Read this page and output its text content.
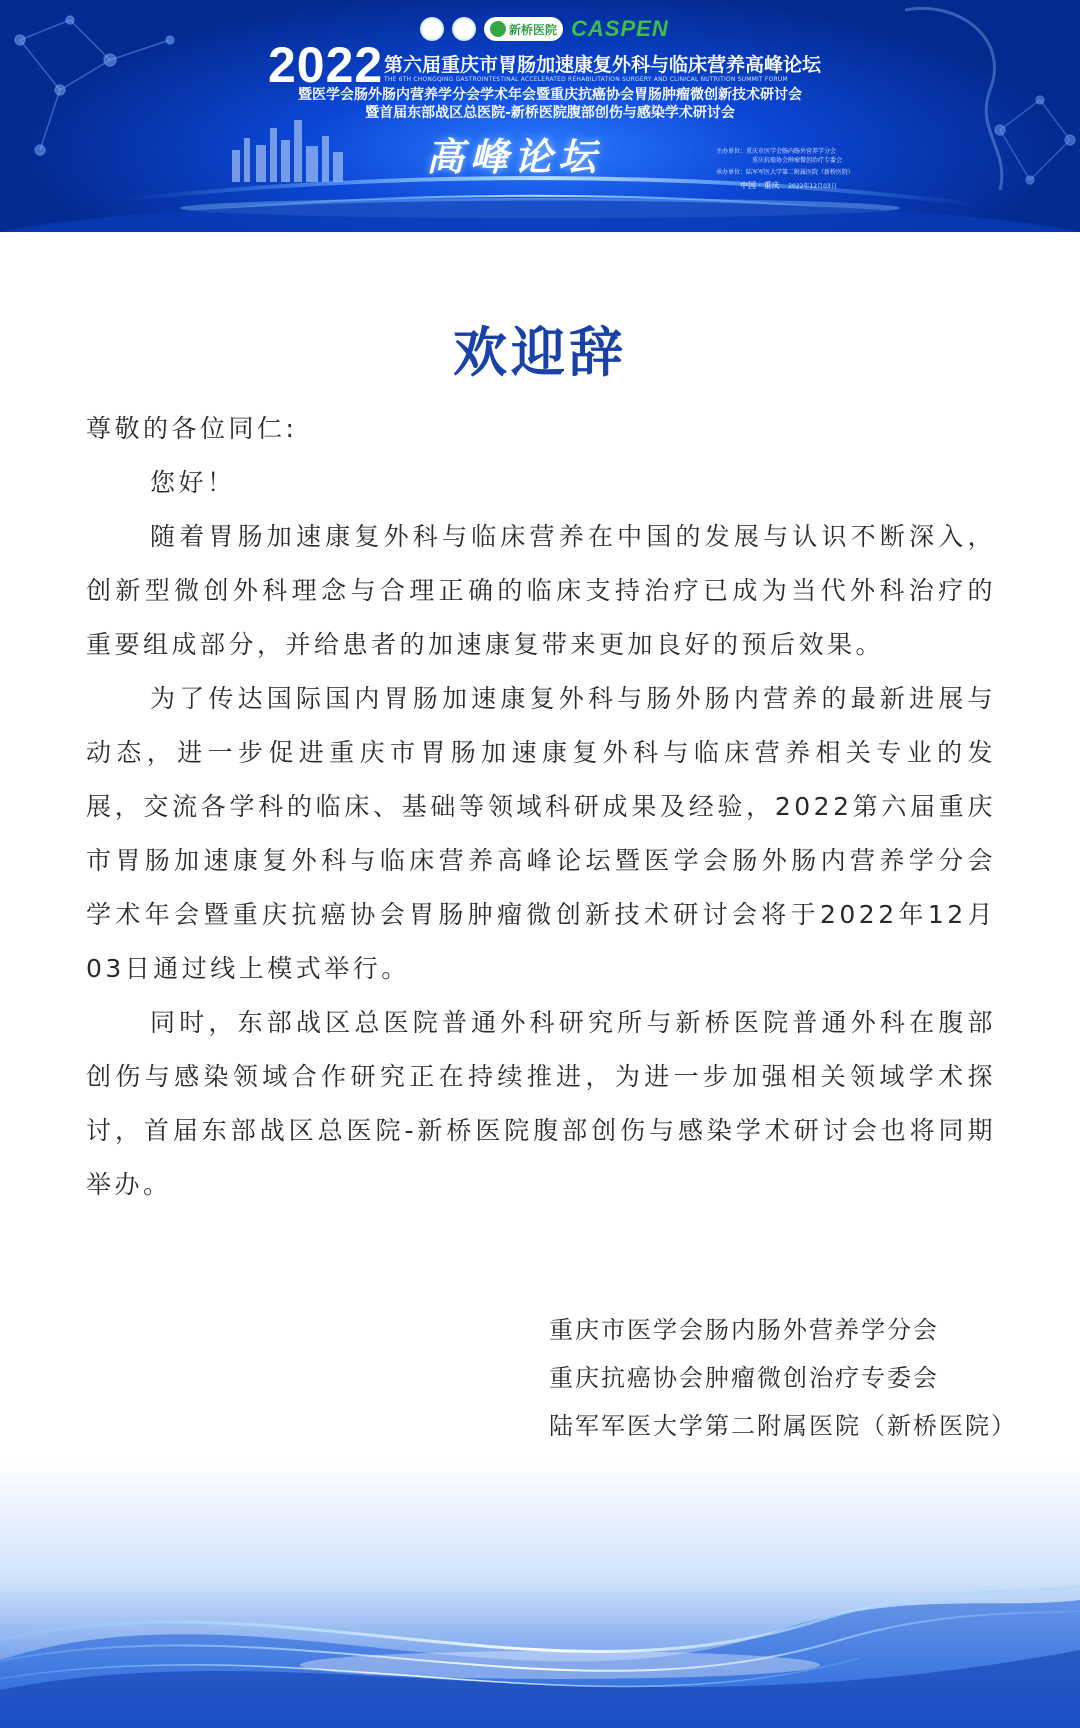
新桥医院 CASPEN
2022 第六届重庆市胃肠加速康复外科与临床营养高峰论坛
THE 6TH CHONGQING GASTROINTESTINAL ACCELERATED REHABILITATION SURGERY AND CLINICAL NUTRITION SUMMIT FORUM
暨医学会肠外肠内营养学分会学术年会暨重庆抗癌协会胃肠肿瘤微创新技术研讨会
暨首届东部战区总医院-新桥医院腹部创伤与感染学术研讨会
高峰论坛	主办单位：重庆市医学会肠内肠外营养学分会
重庆抗癌协会肿瘤微创治疗专委会
承办单位：陆军军医大学第二附属医院（新桥医院）
中国 · 重庆 2022年12月03日
欢迎辞

尊敬的各位同仁:

您好！

随着胃肠加速康复外科与临床营养在中国的发展与认识不断深入，创新型微创外科理念与合理正确的临床支持治疗已成为当代外科治疗的重要组成部分，并给患者的加速康复带来更加良好的预后效果。

为了传达国际国内胃肠加速康复外科与肠外肠内营养的最新进展与动态，进一步促进重庆市胃肠加速康复外科与临床营养相关专业的发展，交流各学科的临床、基础等领域科研成果及经验，2022第六届重庆市胃肠加速康复外科与临床营养高峰论坛暨医学会肠外肠内营养学分会学术年会暨重庆抗癌协会胃肠肿瘤微创新技术研讨会将于2022年12月03日通过线上模式举行。

同时，东部战区总医院普通外科研究所与新桥医院普通外科在腹部创伤与感染领域合作研究正在持续推进，为进一步加强相关领域学术探讨，首届东部战区总医院-新桥医院腹部创伤与感染学术研讨会也将同期举办。

重庆市医学会肠内肠外营养学分会
重庆抗癌协会肿瘤微创治疗专委会
陆军军医大学第二附属医院（新桥医院）
